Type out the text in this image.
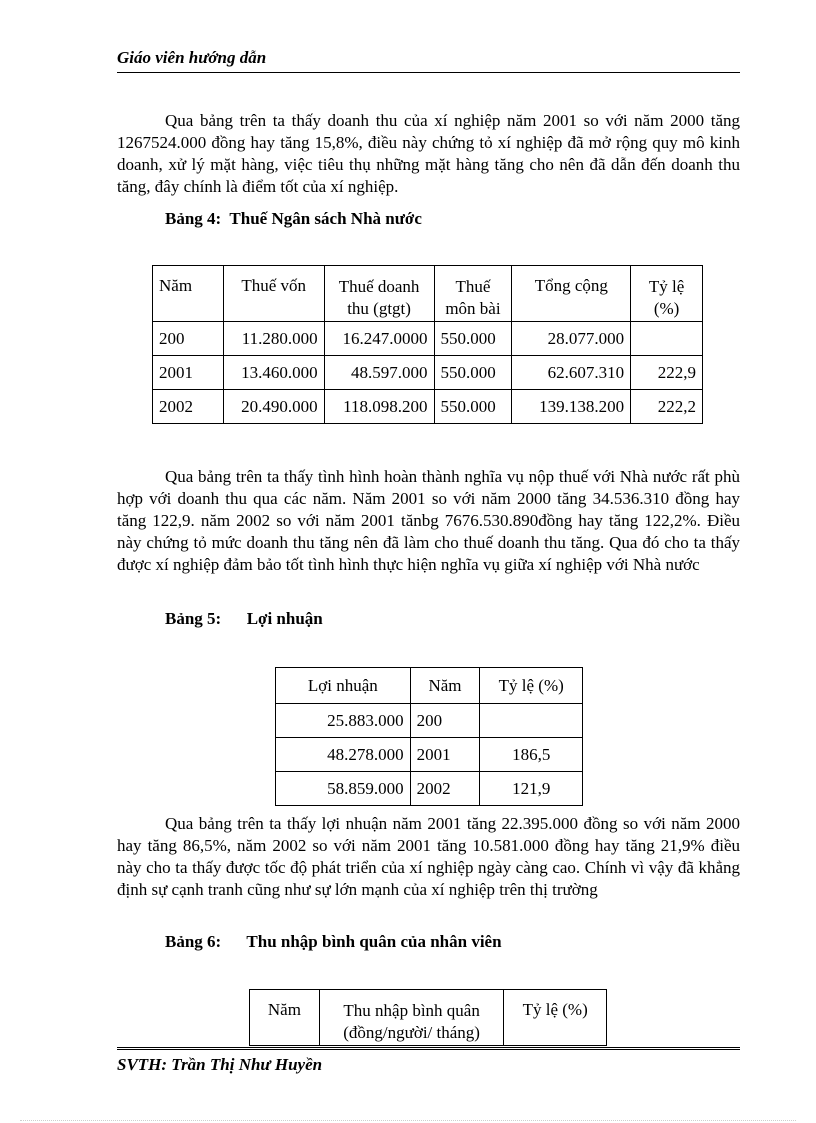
Giáo viên hướng dẫn

Qua bảng trên ta thấy doanh thu của xí nghiệp năm 2001 so với năm 2000 tăng 1267524.000 đồng hay tăng 15,8%, điều này chứng tỏ xí nghiệp đã mở rộng quy mô kinh doanh, xử lý mặt hàng, việc tiêu thụ những mặt hàng tăng cho nên đã dẫn đến doanh thu tăng, đây chính là điểm tốt của xí nghiệp.

Bảng 4:  Thuế Ngân sách Nhà nước
Năm	Thuế vốn	Thuế doanh thu (gtgt)	Thuế môn bài	Tổng cộng	Tỷ lệ (%)
200	11.280.000	16.247.0000	550.000	28.077.000	
2001	13.460.000	48.597.000	550.000	62.607.310	222,9
2002	20.490.000	118.098.200	550.000	139.138.200	222,2

Qua bảng trên ta thấy tình hình hoàn thành nghĩa vụ nộp thuế với Nhà nước rất phù hợp với doanh thu qua các năm. Năm 2001 so với năm 2000 tăng 34.536.310 đồng hay tăng 122,9. năm 2002 so với năm 2001 tănbg 7676.530.890đồng hay tăng 122,2%. Điều này chứng tỏ mức doanh thu tăng nên đã làm cho thuế doanh thu tăng. Qua đó cho ta thấy được xí nghiệp đảm bảo tốt tình hình thực hiện nghĩa vụ giữa xí nghiệp với Nhà nước

Bảng 5:      Lợi nhuận
Lợi nhuận	Năm	Tỷ lệ (%)
25.883.000	200	
48.278.000	2001	186,5
58.859.000	2002	121,9

Qua bảng trên ta thấy lợi nhuận năm 2001 tăng 22.395.000 đồng so với năm 2000 hay tăng 86,5%, năm 2002 so với năm 2001 tăng 10.581.000 đồng hay tăng 21,9% điều này cho ta thấy được tốc độ phát triển của xí nghiệp ngày càng cao. Chính vì vậy đã khẳng định sự cạnh tranh cũng như sự lớn mạnh của xí nghiệp trên thị trường

Bảng 6:      Thu nhập bình quân của nhân viên
Năm	Thu nhập bình quân (đồng/người/ tháng)	Tỷ lệ (%)
SVTH: Trần Thị Như Huyền
